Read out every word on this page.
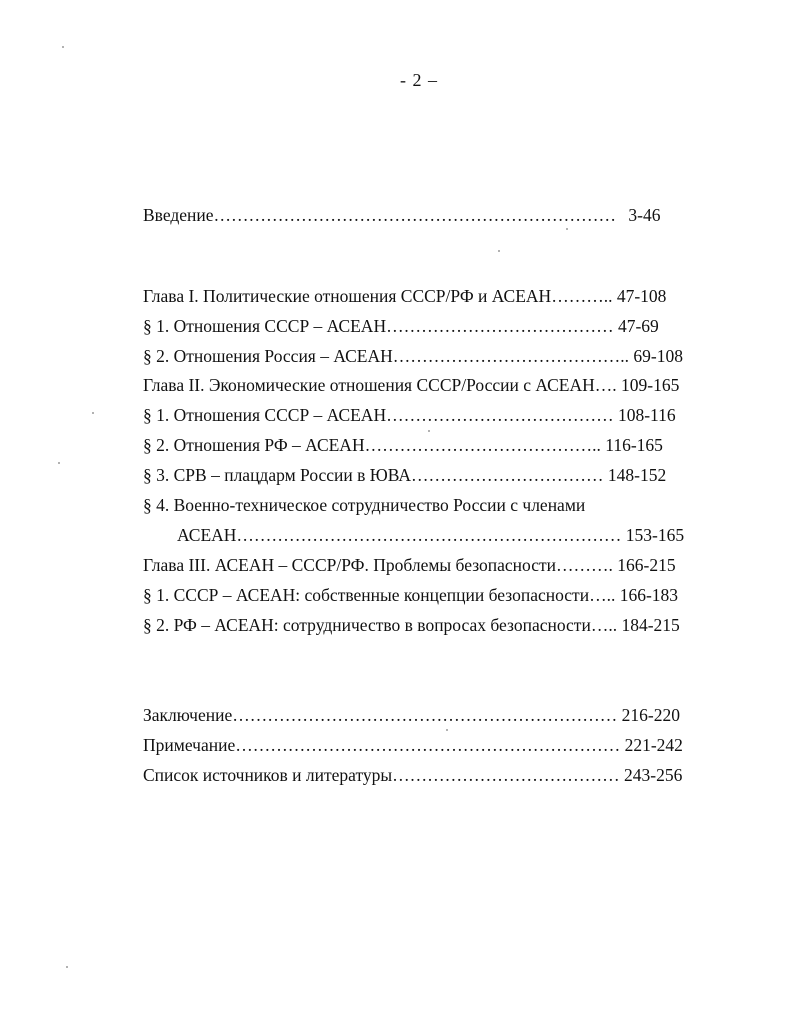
- 2 –
Введение…………………………………………………………… 3-46
Глава I. Политические отношения СССР/РФ и АСЕАН……….. 47-108
§ 1. Отношения СССР – АСЕАН………………………………… 47-69
§ 2. Отношения Россия – АСЕАН………………………………….. 69-108
Глава II. Экономические отношения СССР/России с АСЕАН…. 109-165
§ 1. Отношения СССР – АСЕАН………………………………… 108-116
§ 2. Отношения РФ – АСЕАН………………………………….. 116-165
§ 3. СРВ – плацдарм России в ЮВА…………………………… 148-152
§ 4. Военно-техническое сотрудничество России с членами
АСЕАН………………………………………………………… 153-165
Глава III. АСЕАН – СССР/РФ. Проблемы безопасности………. 166-215
§ 1. СССР – АСЕАН: собственные концепции безопасности….. 166-183
§ 2. РФ – АСЕАН: сотрудничество в вопросах безопасности….. 184-215
Заключение………………………………………………………… 216-220
Примечание………………………………………………………… 221-242
Список источников и литературы………………………………… 243-256
